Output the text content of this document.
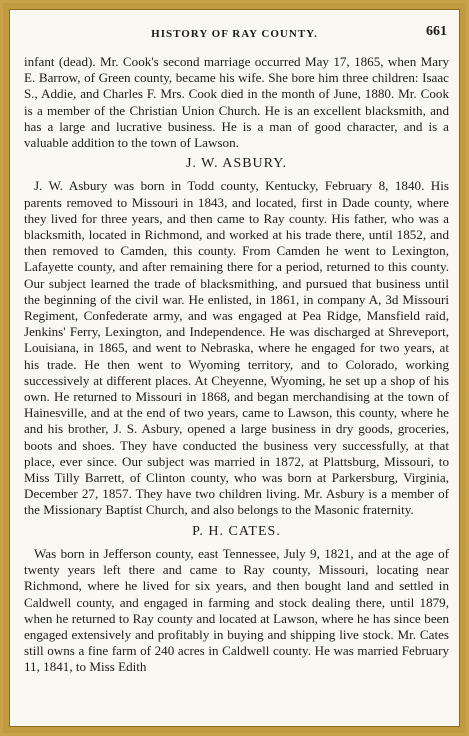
HISTORY OF RAY COUNTY.	661

infant (dead). Mr. Cook's second marriage occurred May 17, 1865, when Mary E. Barrow, of Green county, became his wife. She bore him three children: Isaac S., Addie, and Charles F. Mrs. Cook died in the month of June, 1880. Mr. Cook is a member of the Christian Union Church. He is an excellent blacksmith, and has a large and lucrative business. He is a man of good character, and is a valuable addition to the town of Lawson.

J. W. ASBURY.

J. W. Asbury was born in Todd county, Kentucky, February 8, 1840. His parents removed to Missouri in 1843, and located, first in Dade county, where they lived for three years, and then came to Ray county. His father, who was a blacksmith, located in Richmond, and worked at his trade there, until 1852, and then removed to Camden, this county. From Camden he went to Lexington, Lafayette county, and after remaining there for a period, returned to this county. Our subject learned the trade of blacksmithing, and pursued that business until the beginning of the civil war. He enlisted, in 1861, in company A, 3d Missouri Regiment, Confederate army, and was engaged at Pea Ridge, Mansfield raid, Jenkins' Ferry, Lexington, and Independence. He was discharged at Shreveport, Louisiana, in 1865, and went to Nebraska, where he engaged for two years, at his trade. He then went to Wyoming territory, and to Colorado, working successively at different places. At Cheyenne, Wyoming, he set up a shop of his own. He returned to Missouri in 1868, and began merchandising at the town of Hainesville, and at the end of two years, came to Lawson, this county, where he and his brother, J. S. Asbury, opened a large business in dry goods, groceries, boots and shoes. They have conducted the business very successfully, at that place, ever since. Our subject was married in 1872, at Plattsburg, Missouri, to Miss Tilly Barrett, of Clinton county, who was born at Parkersburg, Virginia, December 27, 1857. They have two children living. Mr. Asbury is a member of the Missionary Baptist Church, and also belongs to the Masonic fraternity.

P. H. CATES.

Was born in Jefferson county, east Tennessee, July 9, 1821, and at the age of twenty years left there and came to Ray county, Missouri, locating near Richmond, where he lived for six years, and then bought land and settled in Caldwell county, and engaged in farming and stock dealing there, until 1879, when he returned to Ray county and located at Lawson, where he has since been engaged extensively and profitably in buying and shipping live stock. Mr. Cates still owns a fine farm of 240 acres in Caldwell county. He was married February 11, 1841, to Miss Edith
